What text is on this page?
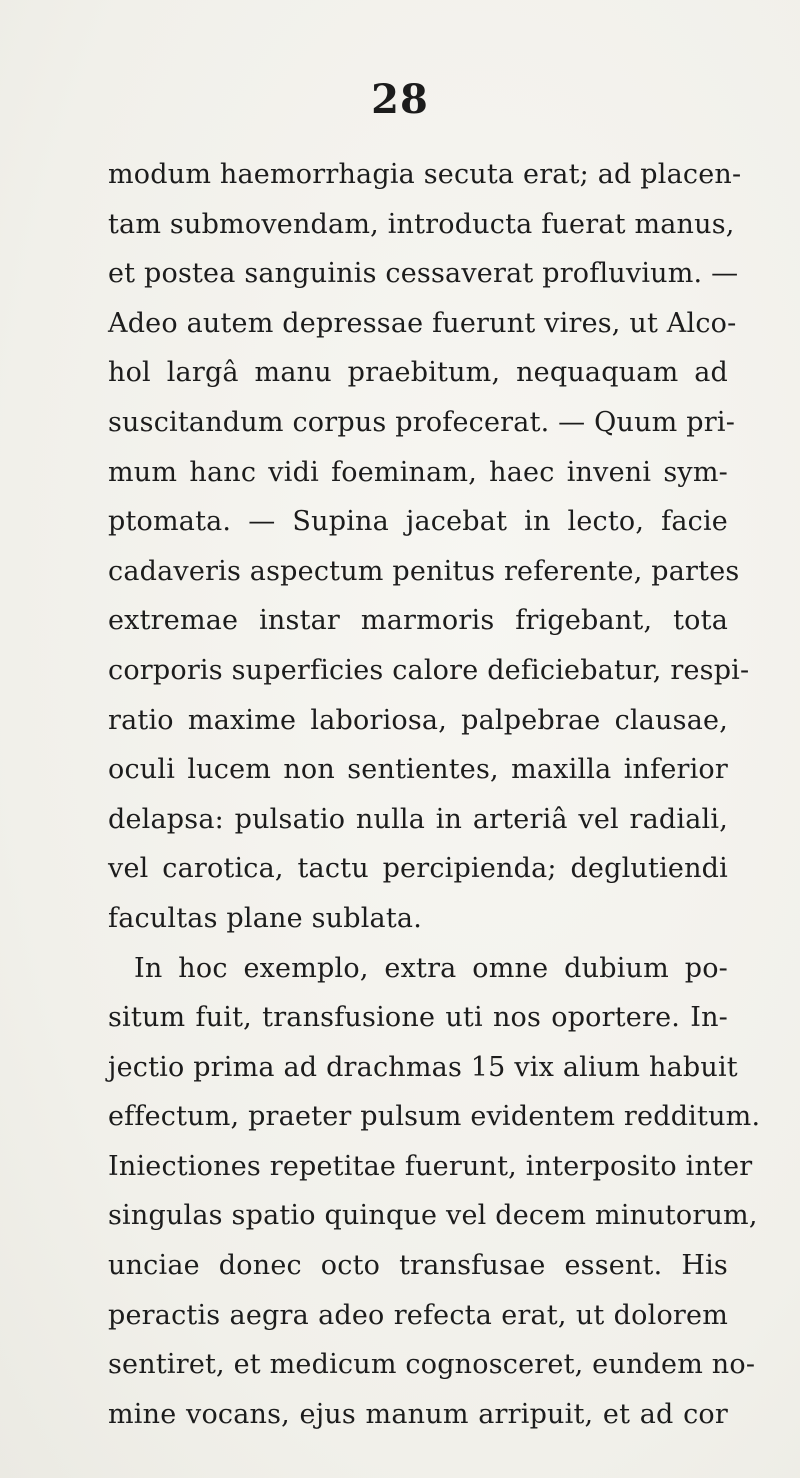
28
modum haemorrhagia secuta erat; ad placen-
tam submovendam, introducta fuerat manus,
et postea sanguinis cessaverat profluvium. —
Adeo autem depressae fuerunt vires, ut Alco-
hol largâ manu praebitum, nequaquam ad
suscitandum corpus profecerat. — Quum pri-
mum hanc vidi foeminam, haec inveni sym-
ptomata. — Supina jacebat in lecto, facie
cadaveris aspectum penitus referente, partes
extremae instar marmoris frigebant, tota
corporis superficies calore deficiebatur, respi-
ratio maxime laboriosa, palpebrae clausae,
oculi lucem non sentientes, maxilla inferior
delapsa: pulsatio nulla in arteriâ vel radiali,
vel carotica, tactu percipienda; deglutiendi
facultas plane sublata.
In hoc exemplo, extra omne dubium po-
situm fuit, transfusione uti nos oportere. In-
jectio prima ad drachmas 15 vix alium habuit
effectum, praeter pulsum evidentem redditum.
Iniectiones repetitae fuerunt, interposito inter
singulas spatio quinque vel decem minutorum,
unciae donec octo transfusae essent. His
peractis aegra adeo refecta erat, ut dolorem
sentiret, et medicum cognosceret, eundem no-
mine vocans, ejus manum arripuit, et ad cor
